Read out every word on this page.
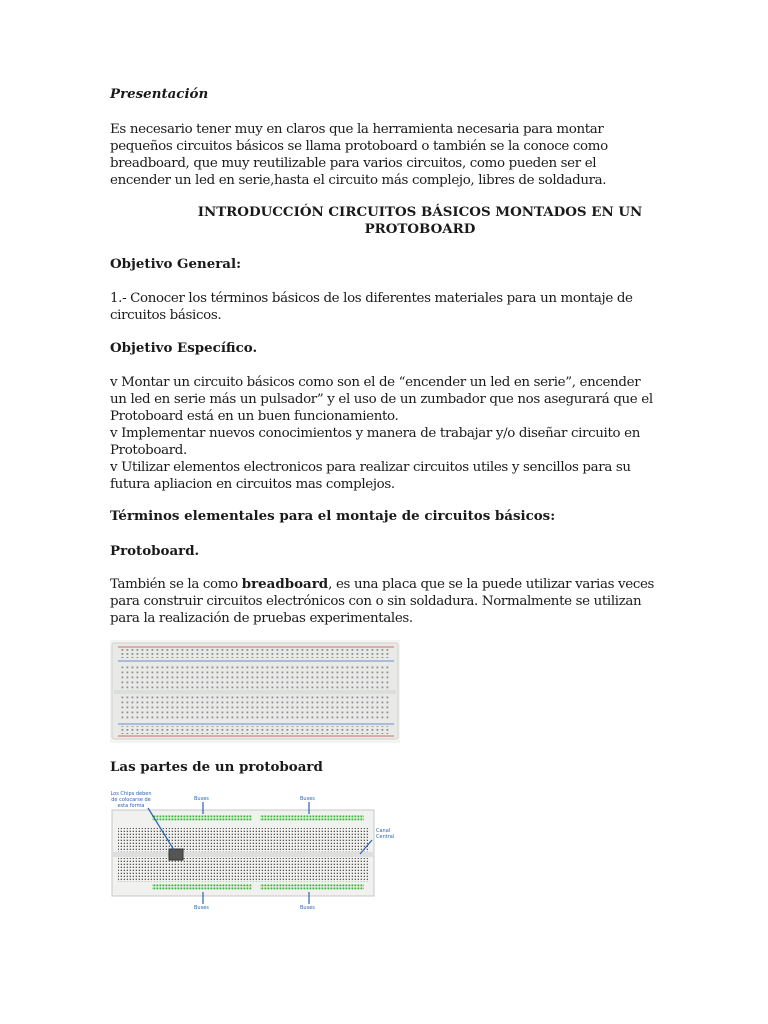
Presentación

Es necesario tener muy en claros que la herramienta necesaria para montar pequeños circuitos básicos se llama protoboard o también se la conoce como breadboard, que muy reutilizable para varios circuitos, como pueden ser el encender un led en serie,hasta el circuito más complejo, libres de soldadura.

INTRODUCCIÓN CIRCUITOS BÁSICOS MONTADOS EN UN
PROTOBOARD

Objetivo General:

1.- Conocer los términos básicos de los diferentes materiales para un montaje de circuitos básicos.

Objetivo Específico.

v Montar un circuito básicos como son el de “encender un led en serie”, encender un led en serie más un pulsador” y el uso de un zumbador que nos asegurará que el Protoboard está en un buen funcionamiento.
v Implementar nuevos conocimientos y manera de trabajar y/o diseñar circuito en Protoboard.
v Utilizar elementos electronicos para realizar circuitos utiles y sencillos para su futura apliacion en circuitos mas complejos.

Términos elementales para el montaje de circuitos básicos:

Protoboard.

También se la como breadboard, es una placa que se la puede utilizar varias veces para construir circuitos electrónicos con o sin soldadura. Normalmente se utilizan para la realización de pruebas experimentales.

Las partes de un protoboard

Los Chips deben de colocarse de esta forma
Buses	Buses
Buses	Buses
Canal Central
